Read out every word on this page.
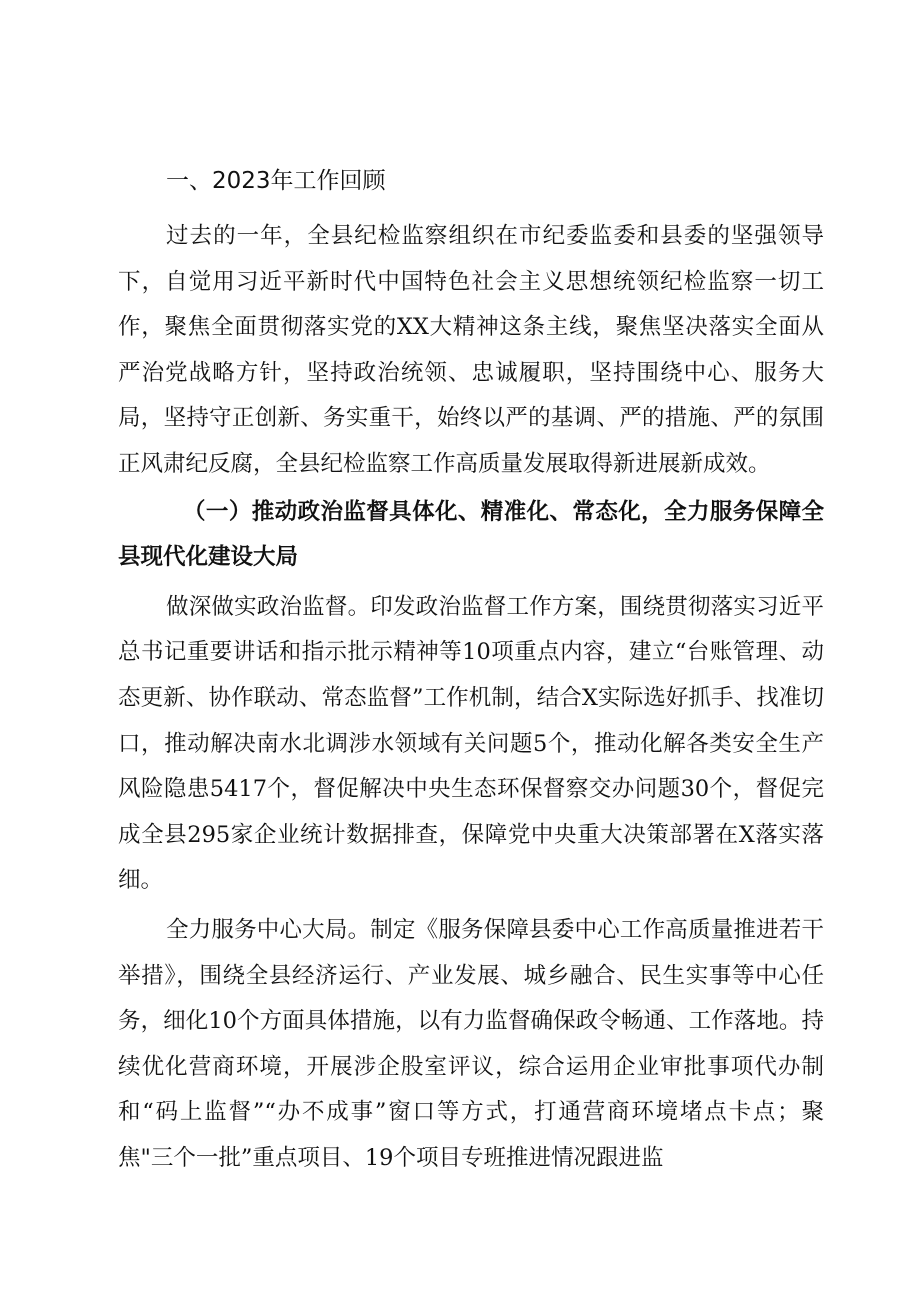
一、2023年工作回顾

过去的一年，全县纪检监察组织在市纪委监委和县委的坚强领导下，自觉用习近平新时代中国特色社会主义思想统领纪检监察一切工作，聚焦全面贯彻落实党的XX大精神这条主线，聚焦坚决落实全面从严治党战略方针，坚持政治统领、忠诚履职，坚持围绕中心、服务大局，坚持守正创新、务实重干，始终以严的基调、严的措施、严的氛围正风肃纪反腐，全县纪检监察工作高质量发展取得新进展新成效。

（一）推动政治监督具体化、精准化、常态化，全力服务保障全县现代化建设大局

做深做实政治监督。印发政治监督工作方案，围绕贯彻落实习近平总书记重要讲话和指示批示精神等10项重点内容，建立“台账管理、动态更新、协作联动、常态监督”工作机制，结合X实际选好抓手、找准切口，推动解决南水北调涉水领域有关问题5个，推动化解各类安全生产风险隐患5417个，督促解决中央生态环保督察交办问题30个，督促完成全县295家企业统计数据排查，保障党中央重大决策部署在X落实落细。

全力服务中心大局。制定《服务保障县委中心工作高质量推进若干举措》，围绕全县经济运行、产业发展、城乡融合、民生实事等中心任务，细化10个方面具体措施，以有力监督确保政令畅通、工作落地。持续优化营商环境，开展涉企股室评议，综合运用企业审批事项代办制和“码上监督”“办不成事”窗口等方式，打通营商环境堵点卡点；聚焦"三个一批”重点项目、19个项目专班推进情况跟进监
